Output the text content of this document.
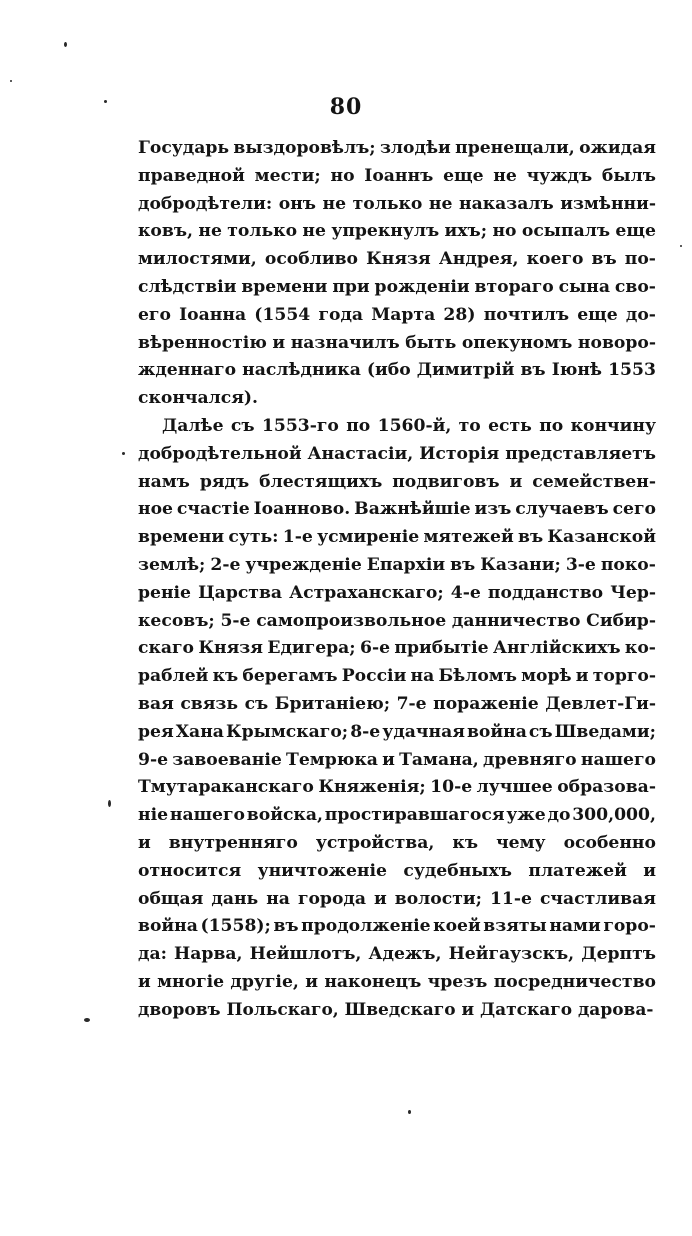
80

Государь выздоровѣлъ; злодѣи пренещали, ожидая
праведной мести; но Іоаннъ еще не чуждъ былъ
добродѣтели: онъ не только не наказалъ измѣнни-
ковъ, не только не упрекнулъ ихъ; но осыпалъ еще
милостями, особливо Князя Андрея, коего въ по-
слѣдствіи времени при рожденіи втораго сына сво-
его Іоанна (1554 года Марта 28) почтилъ еще до-
вѣренностію и назначилъ быть опекуномъ новоро-
жденнаго наслѣдника (ибо Димитрій въ Іюнѣ 1553
скончался).

Далѣе съ 1553-го по 1560-й, то есть по кончину
добродѣтельной Анастасіи, Исторія представляетъ
намъ рядъ блестящихъ подвиговъ и семействен-
ное счастіе Іоанново. Важнѣйшіе изъ случаевъ сего
времени суть: 1-е усмиреніе мятежей въ Казанской
землѣ; 2-е учрежденіе Епархіи въ Казани; 3-е поко-
реніе Царства Астраханскаго; 4-е подданство Чер-
кесовъ; 5-е самопроизвольное данничество Сибир-
скаго Князя Едигера; 6-е прибытіе Англійскихъ ко-
раблей къ берегамъ Россіи на Бѣломъ морѣ и торго-
вая связь съ Британіею; 7-е пораженіе Девлет-Ги-
рея Хана Крымскаго; 8-е удачная война съ Шведами;
9-е завоеваніе Темрюка и Тамана, древняго нашего
Тмутараканскаго Княженія; 10-е лучшее образова-
ніе нашего войска, простиравшагося уже до 300,000,
и внутренняго устройства, къ чему особенно
относится уничтоженіе судебныхъ платежей и
общая дань на города и волости; 11-е счастливая
война (1558); въ продолженіе коей взяты нами горо-
да: Нарва, Нейшлотъ, Адежъ, Нейгаузскъ, Дерптъ
и многіе другіе, и наконецъ чрезъ посредничество
дворовъ Польскаго, Шведскаго и Датскаго дарова-
